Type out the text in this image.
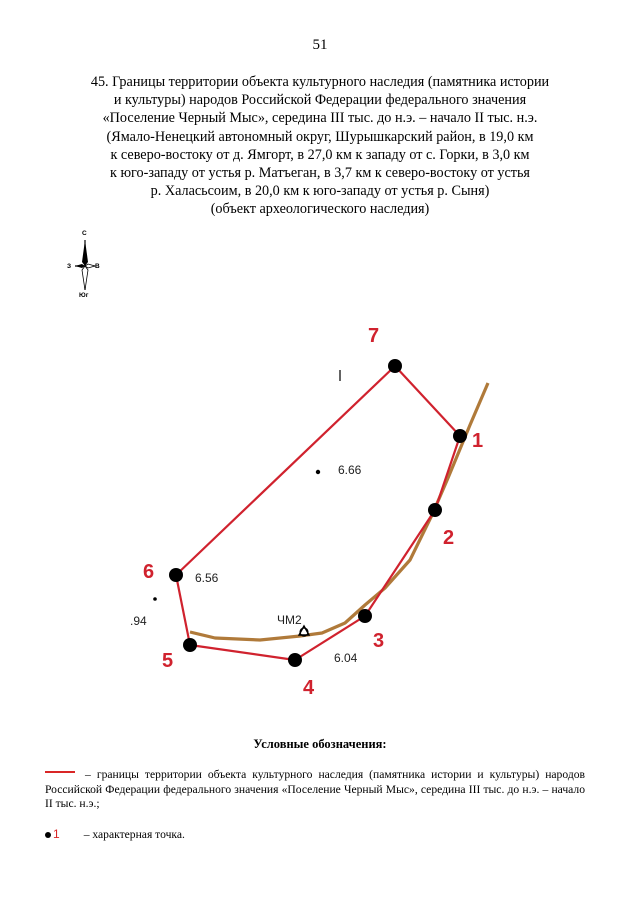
51
45. Границы территории объекта культурного наследия (памятника истории
и культуры) народов Российской Федерации федерального значения
«Поселение Черный Мыс», середина III тыс. до н.э. – начало II тыс. н.э.
(Ямало-Ненецкий автономный округ, Шурышкарский район, в 19,0 км
к северо-востоку от д. Ямгорт, в 27,0 км к западу от с. Горки, в 3,0 км
к юго-западу от устья р. Матъеган, в 3,7 км к северо-востоку от устья
р. Халасьсоим, в 20,0 км к юго-западу от устья р. Сыня)
(объект археологического наследия)
С
З	В
Юг
1
2
3
4
5
6
7
6.66
6.56
6.04
.94	ЧМ2
Условные обозначения:
– границы территории объекта культурного наследия (памятника истории и культуры) народов Российской Федерации федерального значения «Поселение Черный Мыс», середина III тыс. до н.э. – начало II тыс. н.э.;
1 – характерная точка.
